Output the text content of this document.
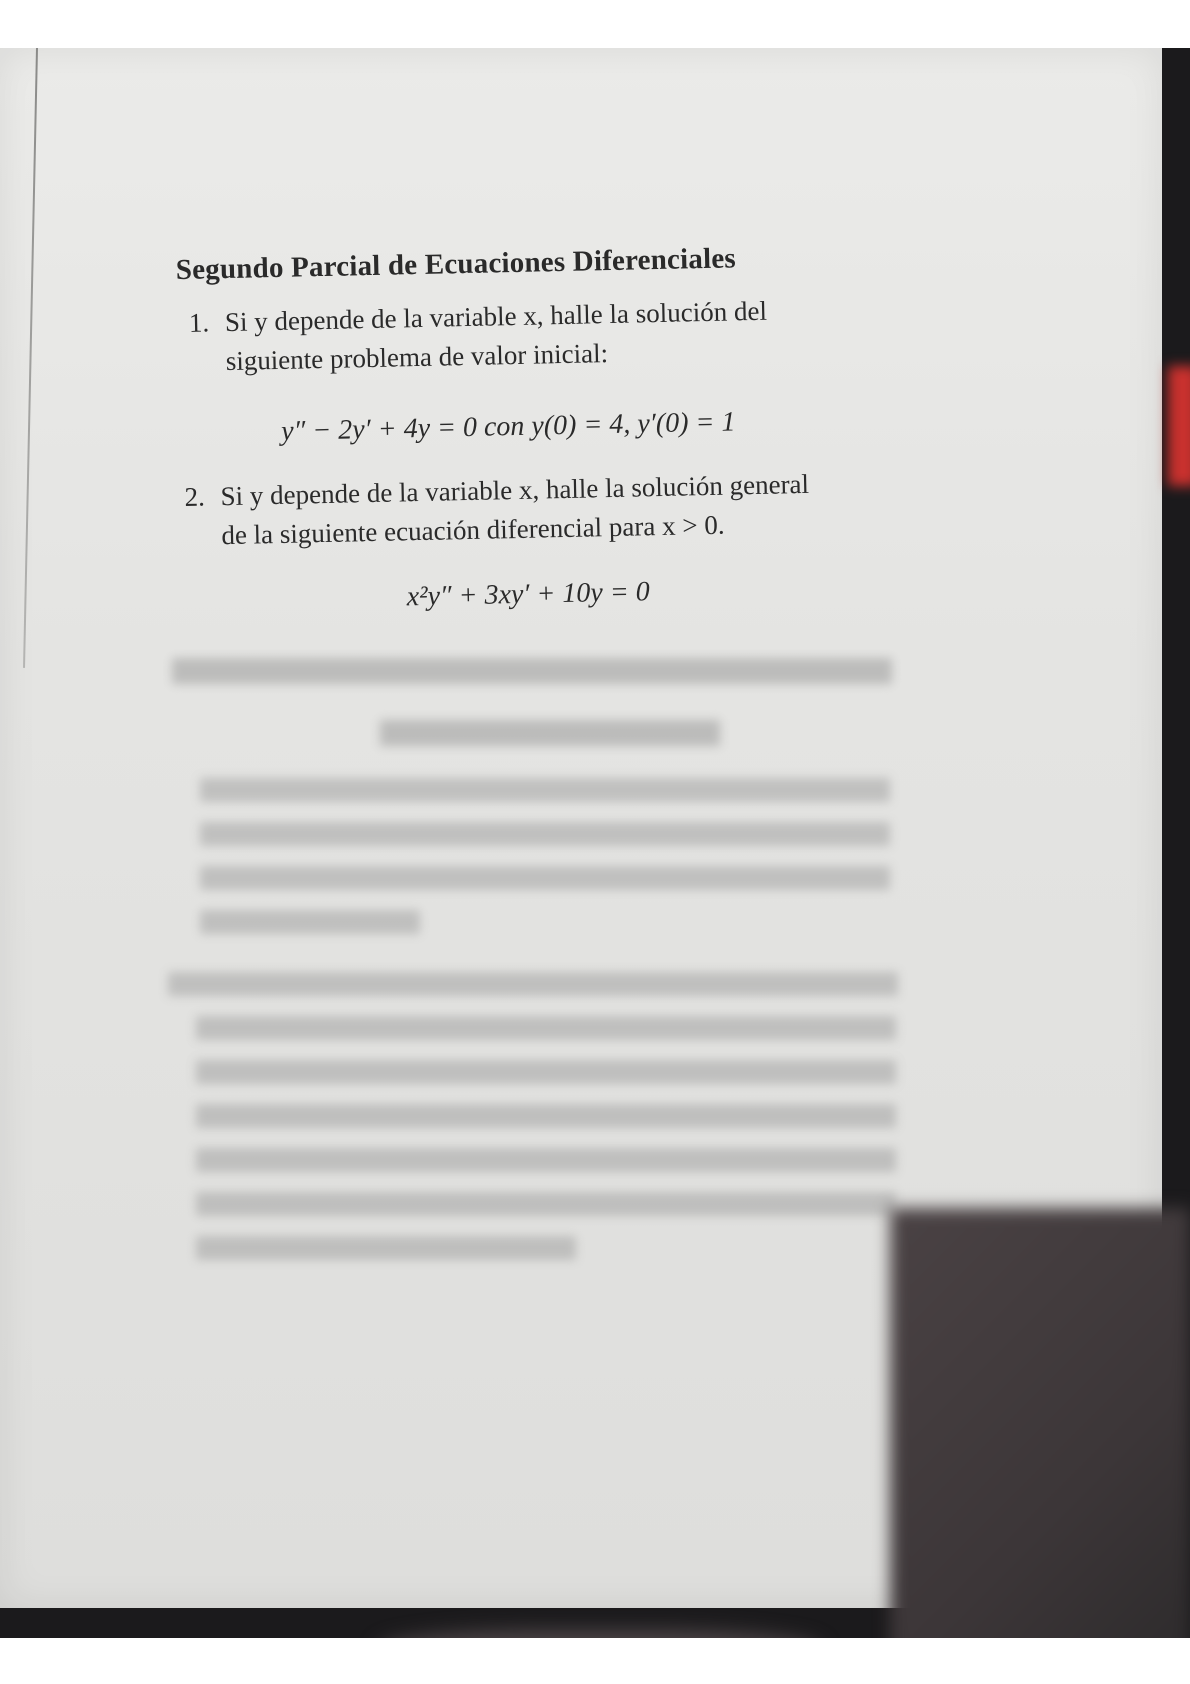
Segundo Parcial de Ecuaciones Diferenciales
1. Si y depende de la variable x, halle la solución del
siguiente problema de valor inicial:
y″ − 2y′ + 4y = 0 con y(0) = 4, y′(0) = 1
2. Si y depende de la variable x, halle la solución general
de la siguiente ecuación diferencial para x > 0.
x²y″ + 3xy′ + 10y = 0
